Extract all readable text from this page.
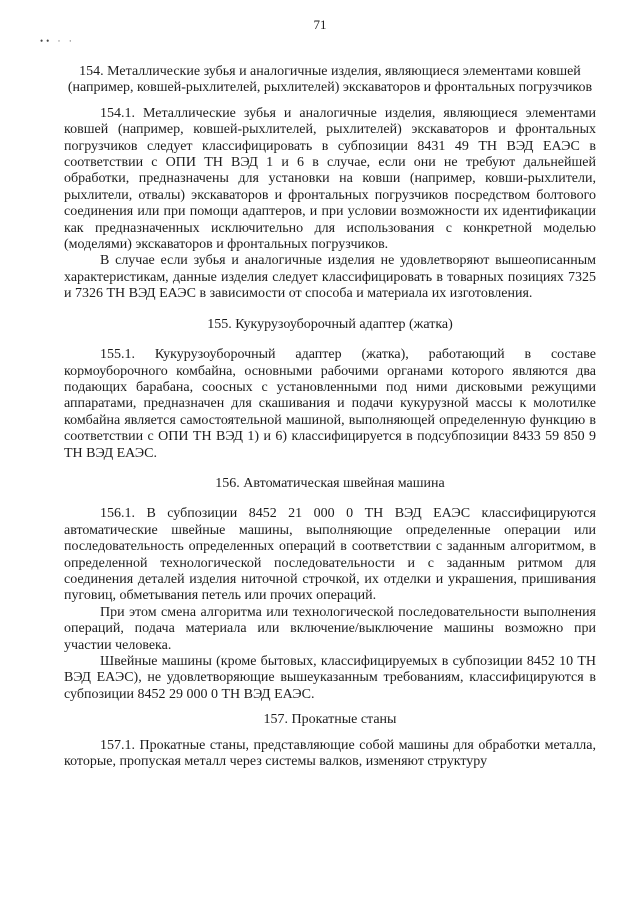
71
•• · ·

154. Металлические зубья и аналогичные изделия, являющиеся элементами ковшей (например, ковшей-рыхлителей, рыхлителей) экскаваторов и фронтальных погрузчиков

154.1. Металлические зубья и аналогичные изделия, являющиеся элементами ковшей (например, ковшей-рыхлителей, рыхлителей) экскаваторов и фронтальных погрузчиков следует классифицировать в субпозиции 8431 49 ТН ВЭД ЕАЭС в соответствии с ОПИ ТН ВЭД 1 и 6 в случае, если они не требуют дальнейшей обработки, предназначены для установки на ковши (например, ковши-рыхлители, рыхлители, отвалы) экскаваторов и фронтальных погрузчиков посредством болтового соединения или при помощи адаптеров, и при условии возможности их идентификации как предназначенных исключительно для использования с конкретной моделью (моделями) экскаваторов и фронтальных погрузчиков.

В случае если зубья и аналогичные изделия не удовлетворяют вышеописанным характеристикам, данные изделия следует классифицировать в товарных позициях 7325 и 7326 ТН ВЭД ЕАЭС в зависимости от способа и материала их изготовления.

155. Кукурузоуборочный адаптер (жатка)

155.1. Кукурузоуборочный адаптер (жатка), работающий в составе кормоуборочного комбайна, основными рабочими органами которого являются два подающих барабана, соосных с установленными под ними дисковыми режущими аппаратами, предназначен для скашивания и подачи кукурузной массы к молотилке комбайна является самостоятельной машиной, выполняющей определенную функцию в соответствии с ОПИ ТН ВЭД 1) и 6) классифицируется в подсубпозиции 8433 59 850 9 ТН ВЭД ЕАЭС.

156. Автоматическая швейная машина

156.1. В субпозиции 8452 21 000 0 ТН ВЭД ЕАЭС классифицируются автоматические швейные машины, выполняющие определенные операции или последовательность определенных операций в соответствии с заданным алгоритмом, в определенной технологической последовательности и с заданным ритмом для соединения деталей изделия ниточной строчкой, их отделки и украшения, пришивания пуговиц, обметывания петель или прочих операций.

При этом смена алгоритма или технологической последовательности выполнения операций, подача материала или включение/выключение машины возможно при участии человека.

Швейные машины (кроме бытовых, классифицируемых в субпозиции 8452 10 ТН ВЭД ЕАЭС), не удовлетворяющие вышеуказанным требованиям, классифицируются в субпозиции 8452 29 000 0 ТН ВЭД ЕАЭС.

157. Прокатные станы

157.1. Прокатные станы, представляющие собой машины для обработки металла, которые, пропуская металл через системы валков, изменяют структуру
